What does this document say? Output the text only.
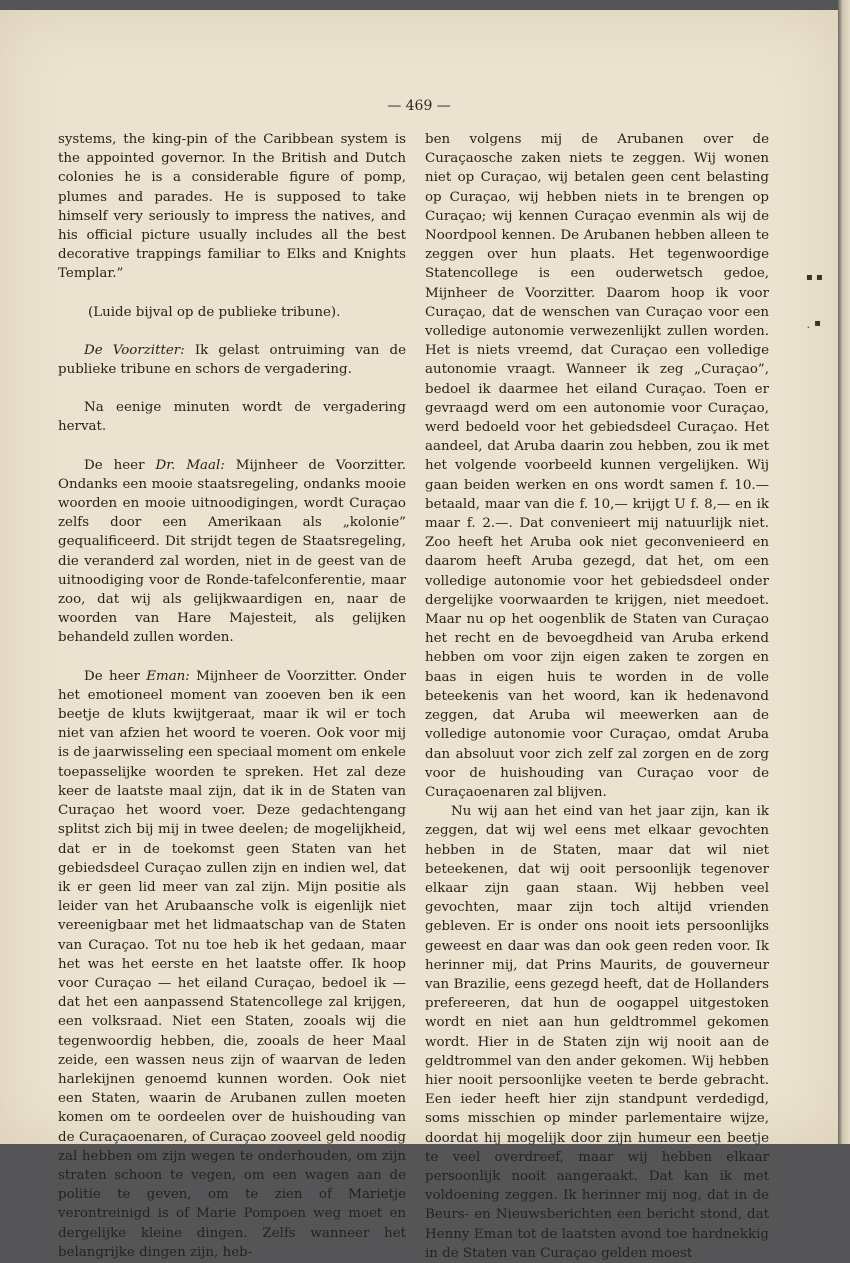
— 469 —

systems, the king-pin of the Caribbean system is the appointed governor. In the British and Dutch colonies he is a considerable figure of pomp, plumes and parades. He is supposed to take himself very seriously to impress the natives, and his official picture usually includes all the best decorative trappings familiar to Elks and Knights Templar.”

(Luide bijval op de publieke tribune).

De Voorzitter: Ik gelast ontruiming van de publieke tribune en schors de vergadering.

Na eenige minuten wordt de vergadering hervat.

De heer Dr. Maal: Mijnheer de Voorzitter. Ondanks een mooie staatsregeling, ondanks mooie woorden en mooie uitnoodigingen, wordt Curaçao zelfs door een Amerikaan als „kolonie” gequalificeerd. Dit strijdt tegen de Staatsregeling, die veranderd zal worden, niet in de geest van de uitnoodiging voor de Ronde-tafelconferentie, maar zoo, dat wij als gelijkwaardigen en, naar de woorden van Hare Majesteit, als gelijken behandeld zullen worden.

De heer Eman: Mijnheer de Voorzitter. Onder het emotioneel moment van zooeven ben ik een beetje de kluts kwijtgeraat, maar ik wil er toch niet van afzien het woord te voeren. Ook voor mij is de jaarwisseling een speciaal moment om enkele toepasselijke woorden te spreken. Het zal deze keer de laatste maal zijn, dat ik in de Staten van Curaçao het woord voer. Deze gedachtengang splitst zich bij mij in twee deelen; de mogelijkheid, dat er in de toekomst geen Staten van het gebiedsdeel Curaçao zullen zijn en indien wel, dat ik er geen lid meer van zal zijn. Mijn positie als leider van het Arubaansche volk is eigenlijk niet vereenigbaar met het lidmaatschap van de Staten van Curaçao. Tot nu toe heb ik het gedaan, maar het was het eerste en het laatste offer. Ik hoop voor Curaçao — het eiland Curaçao, bedoel ik — dat het een aanpassend Statencollege zal krijgen, een volksraad. Niet een Staten, zooals wij die tegenwoordig hebben, die, zooals de heer Maal zeide, een wassen neus zijn of waarvan de leden harlekijnen genoemd kunnen worden. Ook niet een Staten, waarin de Arubanen zullen moeten komen om te oordeelen over de huishouding van de Curaçaoenaren, of Curaçao zooveel geld noodig zal hebben om zijn wegen te onderhouden, om zijn straten schoon te vegen, om een wagen aan de politie te geven, om te zien of Marietje verontreinigd is of Marie Pompoen weg moet en dergelijke kleine dingen. Zelfs wanneer het belangrijke dingen zijn, heb-

ben volgens mij de Arubanen over de Curaçaosche zaken niets te zeggen. Wij wonen niet op Curaçao, wij betalen geen cent belasting op Curaçao, wij hebben niets in te brengen op Curaçao; wij kennen Curaçao evenmin als wij de Noordpool kennen. De Arubanen hebben alleen te zeggen over hun plaats. Het tegenwoordige Statencollege is een ouderwetsch gedoe, Mijnheer de Voorzitter. Daarom hoop ik voor Curaçao, dat de wenschen van Curaçao voor een volledige autonomie verwezenlijkt zullen worden. Het is niets vreemd, dat Curaçao een volledige autonomie vraagt. Wanneer ik zeg „Curaçao”, bedoel ik daarmee het eiland Curaçao. Toen er gevraagd werd om een autonomie voor Curaçao, werd bedoeld voor het gebiedsdeel Curaçao. Het aandeel, dat Aruba daarin zou hebben, zou ik met het volgende voorbeeld kunnen vergelijken. Wij gaan beiden werken en ons wordt samen f. 10.— betaald, maar van die f. 10,— krijgt U f. 8,— en ik maar f. 2.—. Dat convenieert mij natuurlijk niet. Zoo heeft het Aruba ook niet geconvenieerd en daarom heeft Aruba gezegd, dat het, om een volledige autonomie voor het gebiedsdeel onder dergelijke voorwaarden te krijgen, niet meedoet. Maar nu op het oogenblik de Staten van Curaçao het recht en de bevoegdheid van Aruba erkend hebben om voor zijn eigen zaken te zorgen en baas in eigen huis te worden in de volle beteekenis van het woord, kan ik hedenavond zeggen, dat Aruba wil meewerken aan de volledige autonomie voor Curaçao, omdat Aruba dan absoluut voor zich zelf zal zorgen en de zorg voor de huishouding van Curaçao voor de Curaçaoenaren zal blijven.

Nu wij aan het eind van het jaar zijn, kan ik zeggen, dat wij wel eens met elkaar gevochten hebben in de Staten, maar dat wil niet beteekenen, dat wij ooit persoonlijk tegenover elkaar zijn gaan staan. Wij hebben veel gevochten, maar zijn toch altijd vrienden gebleven. Er is onder ons nooit iets persoonlijks geweest en daar was dan ook geen reden voor. Ik herinner mij, dat Prins Maurits, de gouverneur van Brazilie, eens gezegd heeft, dat de Hollanders prefereeren, dat hun de oogappel uitgestoken wordt en niet aan hun geldtrommel gekomen wordt. Hier in de Staten zijn wij nooit aan de geldtrommel van den ander gekomen. Wij hebben hier nooit persoonlijke veeten te berde gebracht. Een ieder heeft hier zijn standpunt verdedigd, soms misschien op minder parlementaire wijze, doordat hij mogelijk door zijn humeur een beetje te veel overdreef, maar wij hebben elkaar persoonlijk nooit aangeraakt. Dat kan ik met voldoening zeggen. Ik herinner mij nog, dat in de Beurs- en Nieuwsberichten een bericht stond, dat Henny Eman tot de laatsten avond toe hardnekkig in de Staten van Curaçao gelden moest

▪ ▪
˛ ▪
